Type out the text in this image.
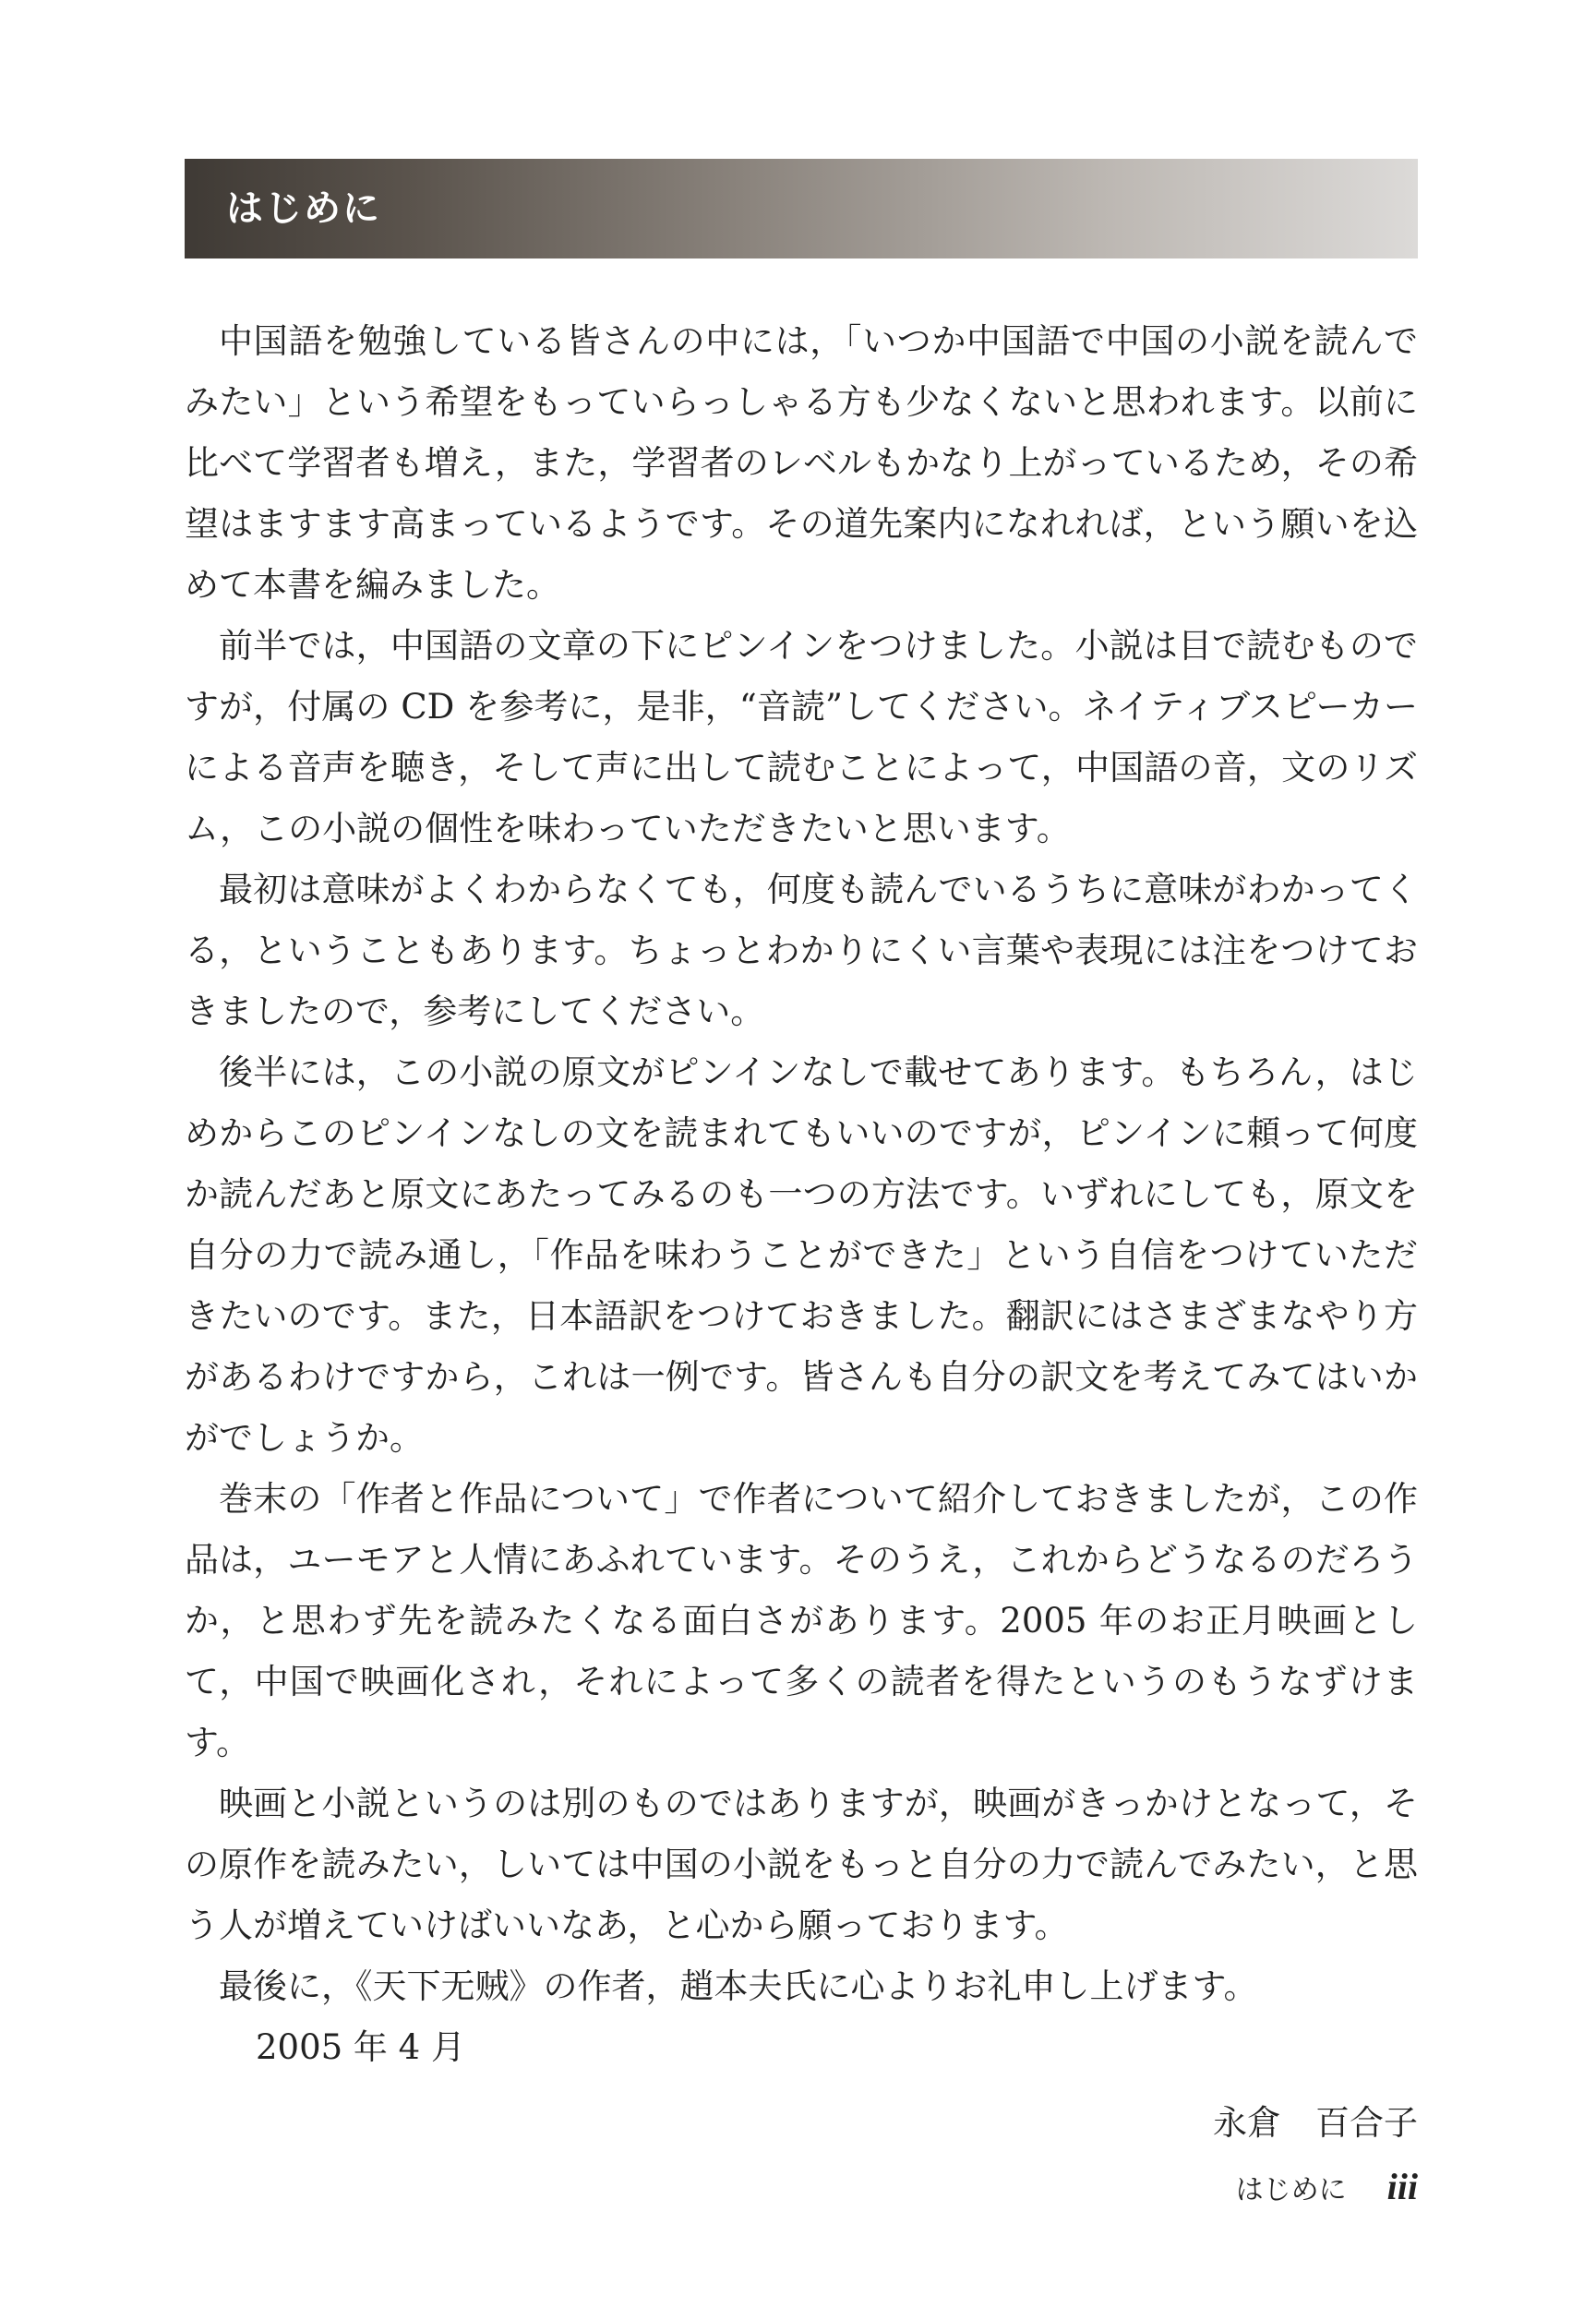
はじめに

中国語を勉強している皆さんの中には，「いつか中国語で中国の小説を読んでみたい」という希望をもっていらっしゃる方も少なくないと思われます。以前に比べて学習者も増え，また，学習者のレベルもかなり上がっているため，その希望はますます高まっているようです。その道先案内になれれば，という願いを込めて本書を編みました。

前半では，中国語の文章の下にピンインをつけました。小説は目で読むものですが，付属の CD を参考に，是非，“音読”してください。ネイティブスピーカーによる音声を聴き，そして声に出して読むことによって，中国語の音，文のリズム，この小説の個性を味わっていただきたいと思います。

最初は意味がよくわからなくても，何度も読んでいるうちに意味がわかってくる，ということもあります。ちょっとわかりにくい言葉や表現には注をつけておきましたので，参考にしてください。

後半には，この小説の原文がピンインなしで載せてあります。もちろん，はじめからこのピンインなしの文を読まれてもいいのですが，ピンインに頼って何度か読んだあと原文にあたってみるのも一つの方法です。いずれにしても，原文を自分の力で読み通し，「作品を味わうことができた」という自信をつけていただきたいのです。また，日本語訳をつけておきました。翻訳にはさまざまなやり方があるわけですから，これは一例です。皆さんも自分の訳文を考えてみてはいかがでしょうか。

巻末の「作者と作品について」で作者について紹介しておきましたが，この作品は，ユーモアと人情にあふれています。そのうえ，これからどうなるのだろうか，と思わず先を読みたくなる面白さがあります。2005 年のお正月映画として，中国で映画化され，それによって多くの読者を得たというのもうなずけます。

映画と小説というのは別のものではありますが，映画がきっかけとなって，その原作を読みたい，しいては中国の小説をもっと自分の力で読んでみたい，と思う人が増えていけばいいなあ，と心から願っております。

最後に，《天下无贼》の作者，趙本夫氏に心よりお礼申し上げます。

2005 年 4 月

永倉　百合子

はじめに iii
